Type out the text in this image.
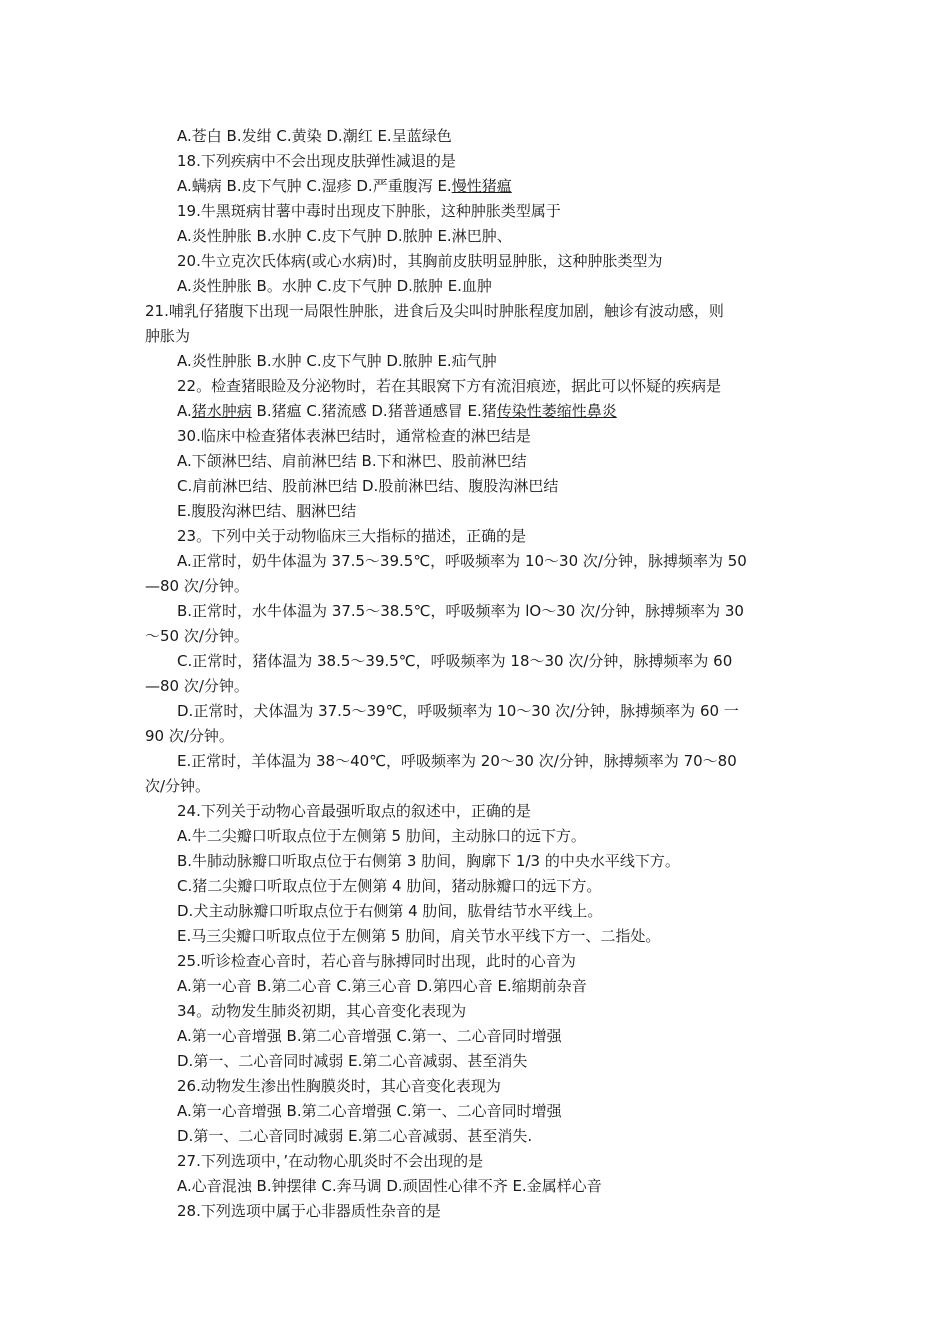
A.苍白 B.发绀 C.黄染 D.潮红 E.呈蓝绿色
18.下列疾病中不会出现皮肤弹性减退的是
A.螨病 B.皮下气肿 C.湿疹 D.严重腹泻 E.慢性猪瘟
19.牛黑斑病甘薯中毒时出现皮下肿胀，这种肿胀类型属于
A.炎性肿胀 B.水肿 C.皮下气肿 D.脓肿 E.淋巴肿、
20.牛立克次氏体病(或心水病)时，其胸前皮肤明显肿胀，这种肿胀类型为
A.炎性肿胀 B。水肿 C.皮下气肿 D.脓肿 E.血肿
21.哺乳仔猪腹下出现一局限性肿胀，进食后及尖叫时肿胀程度加剧，触诊有波动感，则
肿胀为
A.炎性肿胀 B.水肿 C.皮下气肿 D.脓肿 E.疝气肿
22。检查猪眼睑及分泌物时，若在其眼窝下方有流泪痕迹，据此可以怀疑的疾病是
A.猪水肿病 B.猪瘟 C.猪流感 D.猪普通感冒 E.猪传染性萎缩性鼻炎
30.临床中检查猪体表淋巴结时，通常检查的淋巴结是
A.下颌淋巴结、肩前淋巴结 B.下和淋巴、股前淋巴结
C.肩前淋巴结、股前淋巴结 D.股前淋巴结、腹股沟淋巴结
E.腹股沟淋巴结、胭淋巴结
23。下列中关于动物临床三大指标的描述，正确的是
A.正常时，奶牛体温为 37.5～39.5℃，呼吸频率为 10～30 次/分钟，脉搏频率为 50
—80 次/分钟。
B.正常时，水牛体温为 37.5～38.5℃，呼吸频率为 lO～30 次/分钟，脉搏频率为 30
～50 次/分钟。
C.正常时，猪体温为 38.5～39.5℃，呼吸频率为 18～30 次/分钟，脉搏频率为 60
—80 次/分钟。
D.正常时，犬体温为 37.5～39℃，呼吸频率为 10～30 次/分钟，脉搏频率为 60 一
90 次/分钟。
E.正常时，羊体温为 38～40℃，呼吸频率为 20～30 次/分钟，脉搏频率为 70～80
次/分钟。
24.下列关于动物心音最强听取点的叙述中，正确的是
A.牛二尖瓣口听取点位于左侧第 5 肋间，主动脉口的远下方。
B.牛肺动脉瓣口听取点位于右侧第 3 肋间，胸廓下 1/3 的中央水平线下方。
C.猪二尖瓣口听取点位于左侧第 4 肋间，猪动脉瓣口的远下方。
D.犬主动脉瓣口听取点位于右侧第 4 肋间，肱骨结节水平线上。
E.马三尖瓣口听取点位于左侧第 5 肋间，肩关节水平线下方一、二指处。
25.听诊检查心音时，若心音与脉搏同时出现，此时的心音为
A.第一心音 B.第二心音 C.第三心音 D.第四心音 E.缩期前杂音
34。动物发生肺炎初期，其心音变化表现为
A.第一心音增强 B.第二心音增强 C.第一、二心音同时增强
D.第一、二心音同时减弱 E.第二心音减弱、甚至消失
26.动物发生渗出性胸膜炎时，其心音变化表现为
A.第一心音增强 B.第二心音增强 C.第一、二心音同时增强
D.第一、二心音同时减弱 E.第二心音减弱、甚至消失.
27.下列选项中，’在动物心肌炎时不会出现的是
A.心音混浊 B.钟摆律 C.奔马调 D.顽固性心律不齐 E.金属样心音
28.下列选项中属于心非器质性杂音的是
